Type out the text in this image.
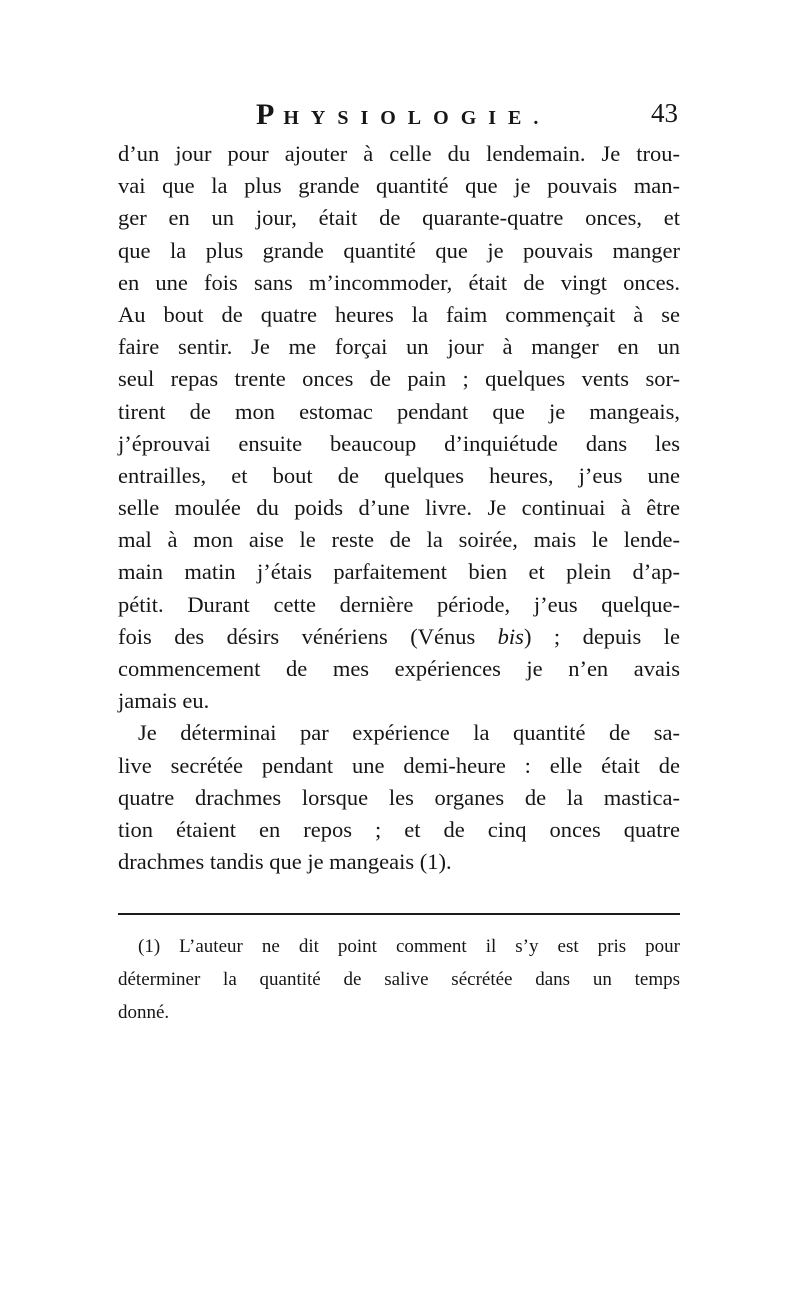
PHYSIOLOGIE.	43
d’un jour pour ajouter à celle du lendemain. Je trou-
vai que la plus grande quantité que je pouvais man-
ger en un jour, était de quarante-quatre onces, et
que la plus grande quantité que je pouvais manger
en une fois sans m’incommoder, était de vingt onces.
Au bout de quatre heures la faim commençait à se
faire sentir. Je me forçai un jour à manger en un
seul repas trente onces de pain ; quelques vents sor-
tirent de mon estomac pendant que je mangeais,
j’éprouvai ensuite beaucoup d’inquiétude dans les
entrailles, et bout de quelques heures, j’eus une
selle moulée du poids d’une livre. Je continuai à être
mal à mon aise le reste de la soirée, mais le lende-
main matin j’étais parfaitement bien et plein d’ap-
pétit. Durant cette dernière période, j’eus quelque-
fois des désirs vénériens (Vénus bis) ; depuis le
commencement de mes expériences je n’en avais
jamais eu.
Je déterminai par expérience la quantité de sa-
live secrétée pendant une demi-heure : elle était de
quatre drachmes lorsque les organes de la mastica-
tion étaient en repos ; et de cinq onces quatre
drachmes tandis que je mangeais (1).
(1) L’auteur ne dit point comment il s’y est pris pour
déterminer la quantité de salive sécrétée dans un temps
donné.
